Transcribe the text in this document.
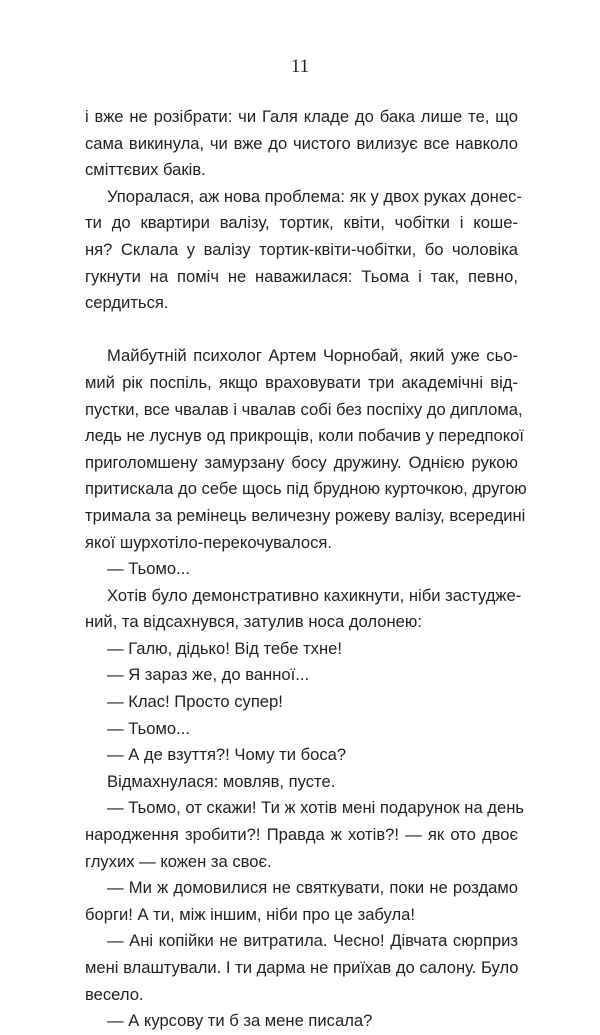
11
і вже не розібрати: чи Галя кладе до бака лише те, що
сама викинула, чи вже до чистого вилизує все навколо
сміттєвих баків.
Упоралася, аж нова проблема: як у двох руках донес-
ти до квартири валізу, тортик, квіти, чобітки і коше-
ня? Склала у валізу тортик-квіти-чобітки, бо чоловіка
гукнути на поміч не наважилася: Тьома і так, певно,
сердиться.
Майбутній психолог Артем Чорнобай, який уже сьо-
мий рік поспіль, якщо враховувати три академічні від-
пустки, все чвалав і чвалав собі без поспіху до диплома,
ледь не луснув од прикрощів, коли побачив у передпокої
приголомшену замурзану босу дружину. Однією рукою
притискала до себе щось під брудною курточкою, другою
тримала за ремінець величезну рожеву валізу, всередині
якої шурхотіло-перекочувалося.
— Тьомо...
Хотів було демонстративно кахикнути, ніби застудже-
ний, та відсахнувся, затулив носа долонею:
— Галю, дідько! Від тебе тхне!
— Я зараз же, до ванної...
— Клас! Просто супер!
— Тьомо...
— А де взуття?! Чому ти боса?
Відмахнулася: мовляв, пусте.
— Тьомо, от скажи! Ти ж хотів мені подарунок на день
народження зробити?! Правда ж хотів?! — як ото двоє
глухих — кожен за своє.
— Ми ж домовилися не святкувати, поки не роздамо
борги! А ти, між іншим, ніби про це забула!
— Ані копійки не витратила. Чесно! Дівчата сюрприз
мені влаштували. І ти дарма не приїхав до салону. Було
весело.
— А курсову ти б за мене писала?
